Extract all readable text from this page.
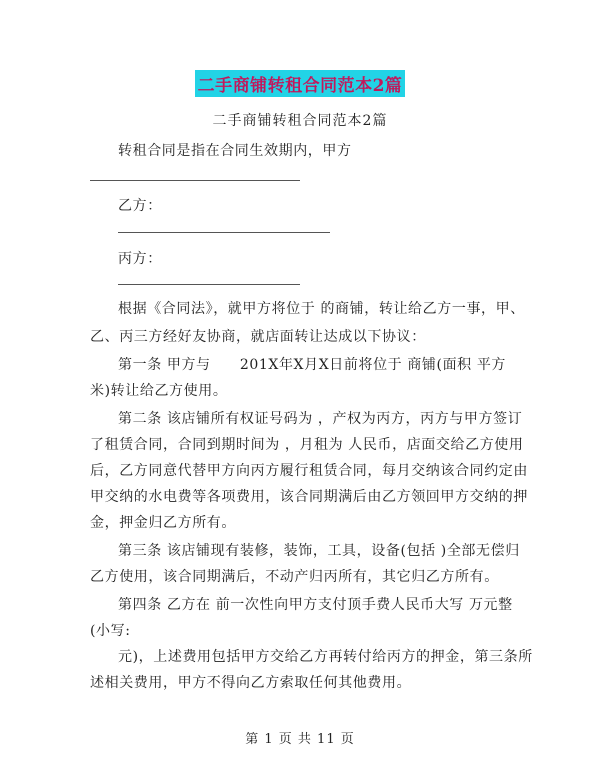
二手商铺转租合同范本2篇
二手商铺转租合同范本2篇
转租合同是指在合同生效期内，甲方
乙方：
丙方：
根据《合同法》，就甲方将位于 的商铺，转让给乙方一事，甲、
乙、丙三方经好友协商，就店面转让达成以下协议：
第一条 甲方与　　201X年X月X日前将位于 商铺(面积 平方
米)转让给乙方使用。
第二条 该店铺所有权证号码为 ，产权为丙方，丙方与甲方签订
了租赁合同，合同到期时间为 ，月租为 人民币，店面交给乙方使用
后，乙方同意代替甲方向丙方履行租赁合同，每月交纳该合同约定由
甲交纳的水电费等各项费用，该合同期满后由乙方领回甲方交纳的押
金，押金归乙方所有。
第三条 该店铺现有装修，装饰，工具，设备(包括 )全部无偿归
乙方使用，该合同期满后，不动产归丙所有，其它归乙方所有。
第四条 乙方在 前一次性向甲方支付顶手费人民币大写 万元整
(小写:
元)，上述费用包括甲方交给乙方再转付给丙方的押金，第三条所
述相关费用，甲方不得向乙方索取任何其他费用。
第 1 页 共 11 页
